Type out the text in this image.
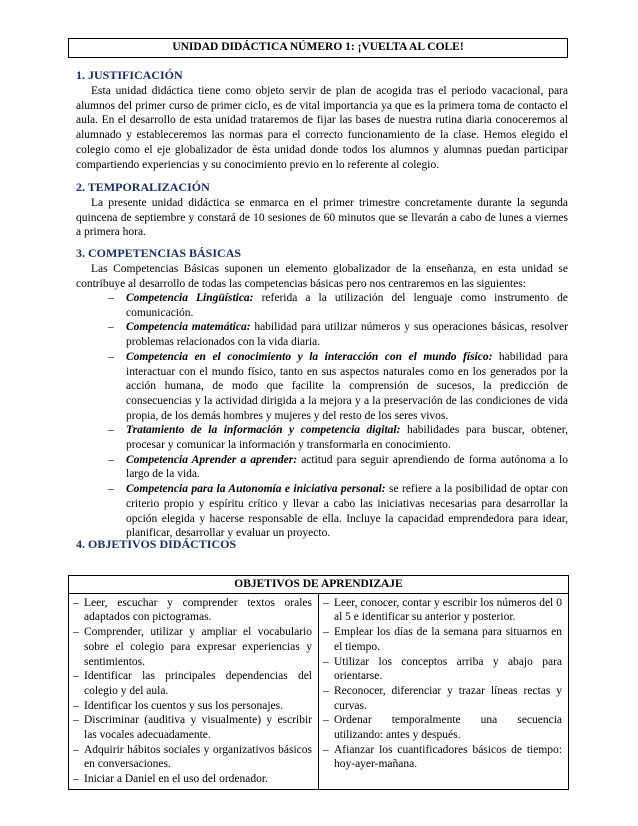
UNIDAD DIDÁCTICA NÚMERO 1: ¡VUELTA AL COLE!
1. JUSTIFICACIÓN

Esta unidad didáctica tiene como objeto servir de plan de acogida tras el periodo vacacional, para alumnos del primer curso de primer ciclo, es de vital importancia ya que es la primera toma de contacto el aula. En el desarrollo de esta unidad trataremos de fijar las bases de nuestra rutina diaria conoceremos al alumnado y estableceremos las normas para el correcto funcionamiento de la clase. Hemos elegido el colegio como el eje globalizador de ésta unidad donde todos los alumnos y alumnas puedan participar compartiendo experiencias y su conocimiento previo en lo referente al colegio.

2. TEMPORALIZACIÓN

La presente unidad didáctica se enmarca en el primer trimestre concretamente durante la segunda quincena de septiembre y constará de 10 sesiones de 60 minutos que se llevarán a cabo de lunes a viernes a primera hora.

3. COMPETENCIAS BÁSICAS

Las Competencias Básicas suponen un elemento globalizador de la enseñanza, en esta unidad se contribuye al desarrollo de todas las competencias básicas pero nos centraremos en las siguientes:

– Competencia Lingüística: referida a la utilización del lenguaje como instrumento de comunicación.
– Competencia matemática: habilidad para utilizar números y sus operaciones básicas, resolver problemas relacionados con la vida diaria.
– Competencia en el conocimiento y la interacción con el mundo físico: habilidad para interactuar con el mundo físico, tanto en sus aspectos naturales como en los generados por la acción humana, de modo que facilite la comprensión de sucesos, la predicción de consecuencias y la actividad dirigida a la mejora y a la preservación de las condiciones de vida propia, de los demás hombres y mujeres y del resto de los seres vivos.
– Tratamiento de la información y competencia digital: habilidades para buscar, obtener, procesar y comunicar la información y transformarla en conocimiento.
– Competencia Aprender a aprender: actitud para seguir aprendiendo de forma autónoma a lo largo de la vida.
– Competencia para la Autonomía e iniciativa personal: se refiere a la posibilidad de optar con criterio propio y espíritu crítico y llevar a cabo las iniciativas necesarias para desarrollar la opción elegida y hacerse responsable de ella. Incluye la capacidad emprendedora para idear, planificar, desarrollar y evaluar un proyecto.
4. OBJETIVOS DIDÁCTICOS
OBJETIVOS DE APRENDIZAJE

– Leer, escuchar y comprender textos orales adaptados con pictogramas.
– Comprender, utilizar y ampliar el vocabulario sobre el colegio para expresar experiencias y sentimientos.
– Identificar las principales dependencias del colegio y del aula.
– Identificar los cuentos y sus los personajes.
– Discriminar (auditiva y visualmente) y escribir las vocales adecuadamente.
– Adquirir hábitos sociales y organizativos básicos en conversaciones.
– Iniciar a Daniel en el uso del ordenador.

– Leer, conocer, contar y escribir los números del 0 al 5 e identificar su anterior y posterior.
– Emplear los días de la semana para situarnos en el tiempo.
– Utilizar los conceptos arriba y abajo para orientarse.
– Reconocer, diferenciar y trazar líneas rectas y curvas.
– Ordenar temporalmente una secuencia utilizando: antes y después.
– Afianzar los cuantificadores básicos de tiempo: hoy-ayer-mañana.
